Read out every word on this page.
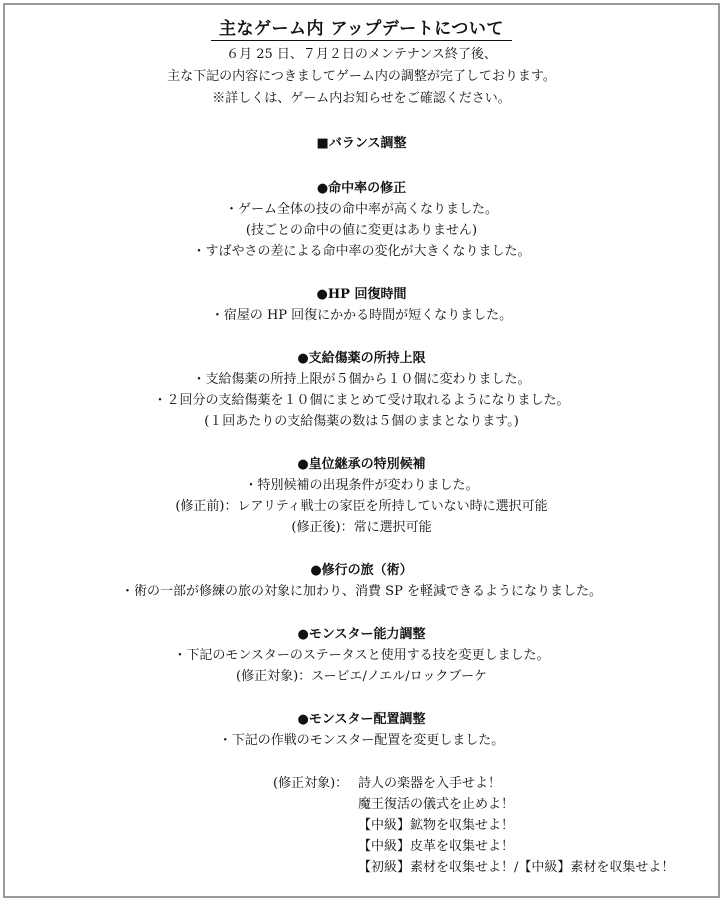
主なゲーム内 アップデートについて
６月 25 日、７月２日のメンテナンス終了後、
主な下記の内容につきましてゲーム内の調整が完了しております。
※詳しくは、ゲーム内お知らせをご確認ください。
■バランス調整
●命中率の修正
・ゲーム全体の技の命中率が高くなりました。
(技ごとの命中の値に変更はありません)
・すばやさの差による命中率の変化が大きくなりました。
●HP 回復時間
・宿屋の HP 回復にかかる時間が短くなりました。
●支給傷薬の所持上限
・支給傷薬の所持上限が５個から１０個に変わりました。
・２回分の支給傷薬を１０個にまとめて受け取れるようになりました。
(１回あたりの支給傷薬の数は５個のままとなります。)
●皇位継承の特別候補
・特別候補の出現条件が変わりました。
(修正前)：レアリティ戦士の家臣を所持していない時に選択可能
(修正後)：常に選択可能
●修行の旅（術）
・術の一部が修練の旅の対象に加わり、消費 SP を軽減できるようになりました。
●モンスター能力調整
・下記のモンスターのステータスと使用する技を変更しました。
(修正対象)：スービエ/ノエル/ロックブーケ
●モンスター配置調整
・下記の作戦のモンスター配置を変更しました。
(修正対象)： 詩人の楽器を入手せよ！
魔王復活の儀式を止めよ！
【中級】鉱物を収集せよ！
【中級】皮革を収集せよ！
【初級】素材を収集せよ！/【中級】素材を収集せよ！
